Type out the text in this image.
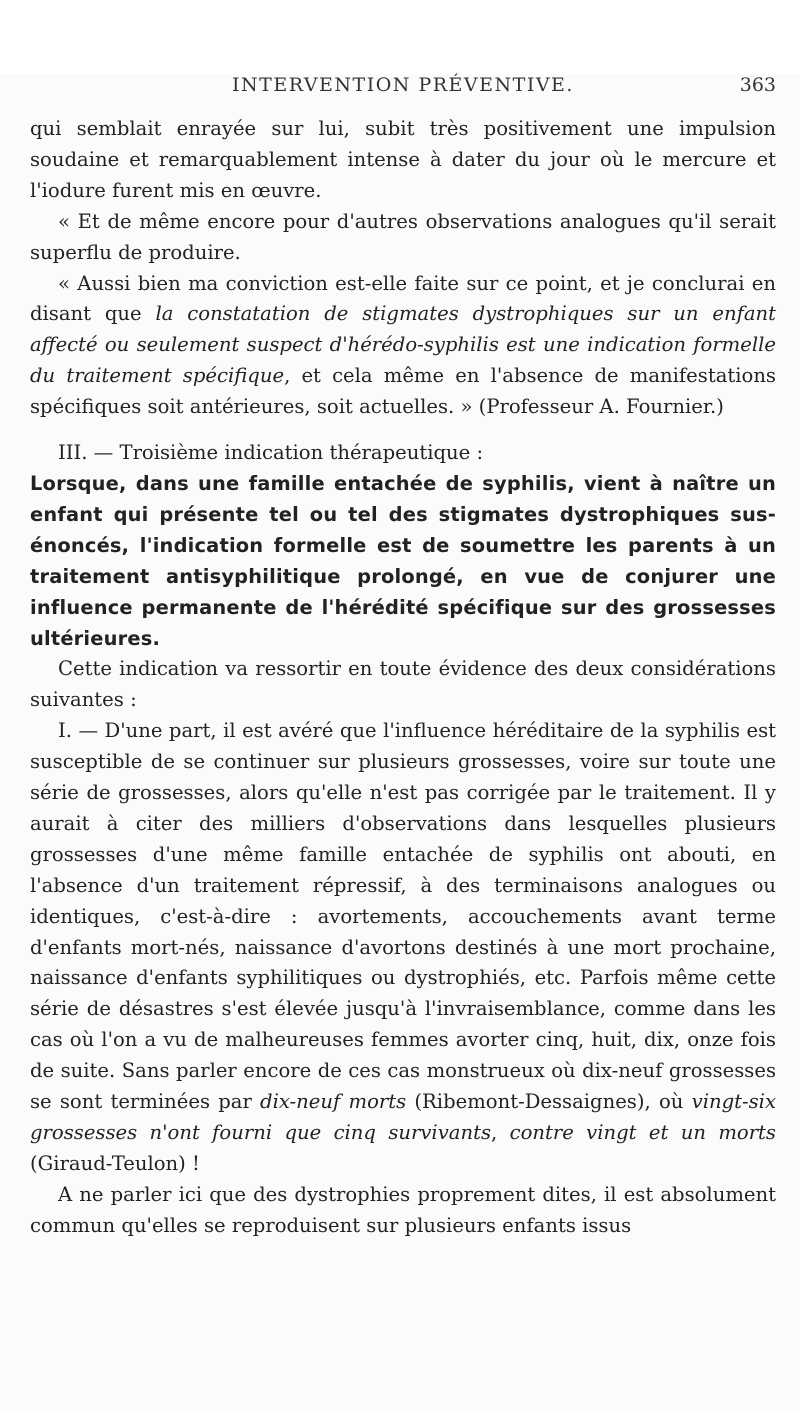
INTERVENTION PRÉVENTIVE.	363

qui semblait enrayée sur lui, subit très positivement une impulsion soudaine et remarquablement intense à dater du jour où le mercure et l'iodure furent mis en œuvre.

« Et de même encore pour d'autres observations analogues qu'il serait superflu de produire.

« Aussi bien ma conviction est-elle faite sur ce point, et je conclurai en disant que la constatation de stigmates dystrophiques sur un enfant affecté ou seulement suspect d'hérédo-syphilis est une indication formelle du traitement spécifique, et cela même en l'absence de manifestations spécifiques soit antérieures, soit actuelles. » (Professeur A. Fournier.)

III. — Troisième indication thérapeutique :
Lorsque, dans une famille entachée de syphilis, vient à naître un enfant qui présente tel ou tel des stigmates dystrophiques sus-énoncés, l'indication formelle est de soumettre les parents à un traitement antisyphilitique prolongé, en vue de conjurer une influence permanente de l'hérédité spécifique sur des grossesses ultérieures.

Cette indication va ressortir en toute évidence des deux considérations suivantes :

I. — D'une part, il est avéré que l'influence héréditaire de la syphilis est susceptible de se continuer sur plusieurs grossesses, voire sur toute une série de grossesses, alors qu'elle n'est pas corrigée par le traitement. Il y aurait à citer des milliers d'observations dans lesquelles plusieurs grossesses d'une même famille entachée de syphilis ont abouti, en l'absence d'un traitement répressif, à des terminaisons analogues ou identiques, c'est-à-dire : avortements, accouchements avant terme d'enfants mort-nés, naissance d'avortons destinés à une mort prochaine, naissance d'enfants syphilitiques ou dystrophiés, etc. Parfois même cette série de désastres s'est élevée jusqu'à l'invraisemblance, comme dans les cas où l'on a vu de malheureuses femmes avorter cinq, huit, dix, onze fois de suite. Sans parler encore de ces cas monstrueux où dix-neuf grossesses se sont terminées par dix-neuf morts (Ribemont-Dessaignes), où vingt-six grossesses n'ont fourni que cinq survivants, contre vingt et un morts (Giraud-Teulon) !

A ne parler ici que des dystrophies proprement dites, il est absolument commun qu'elles se reproduisent sur plusieurs enfants issus
